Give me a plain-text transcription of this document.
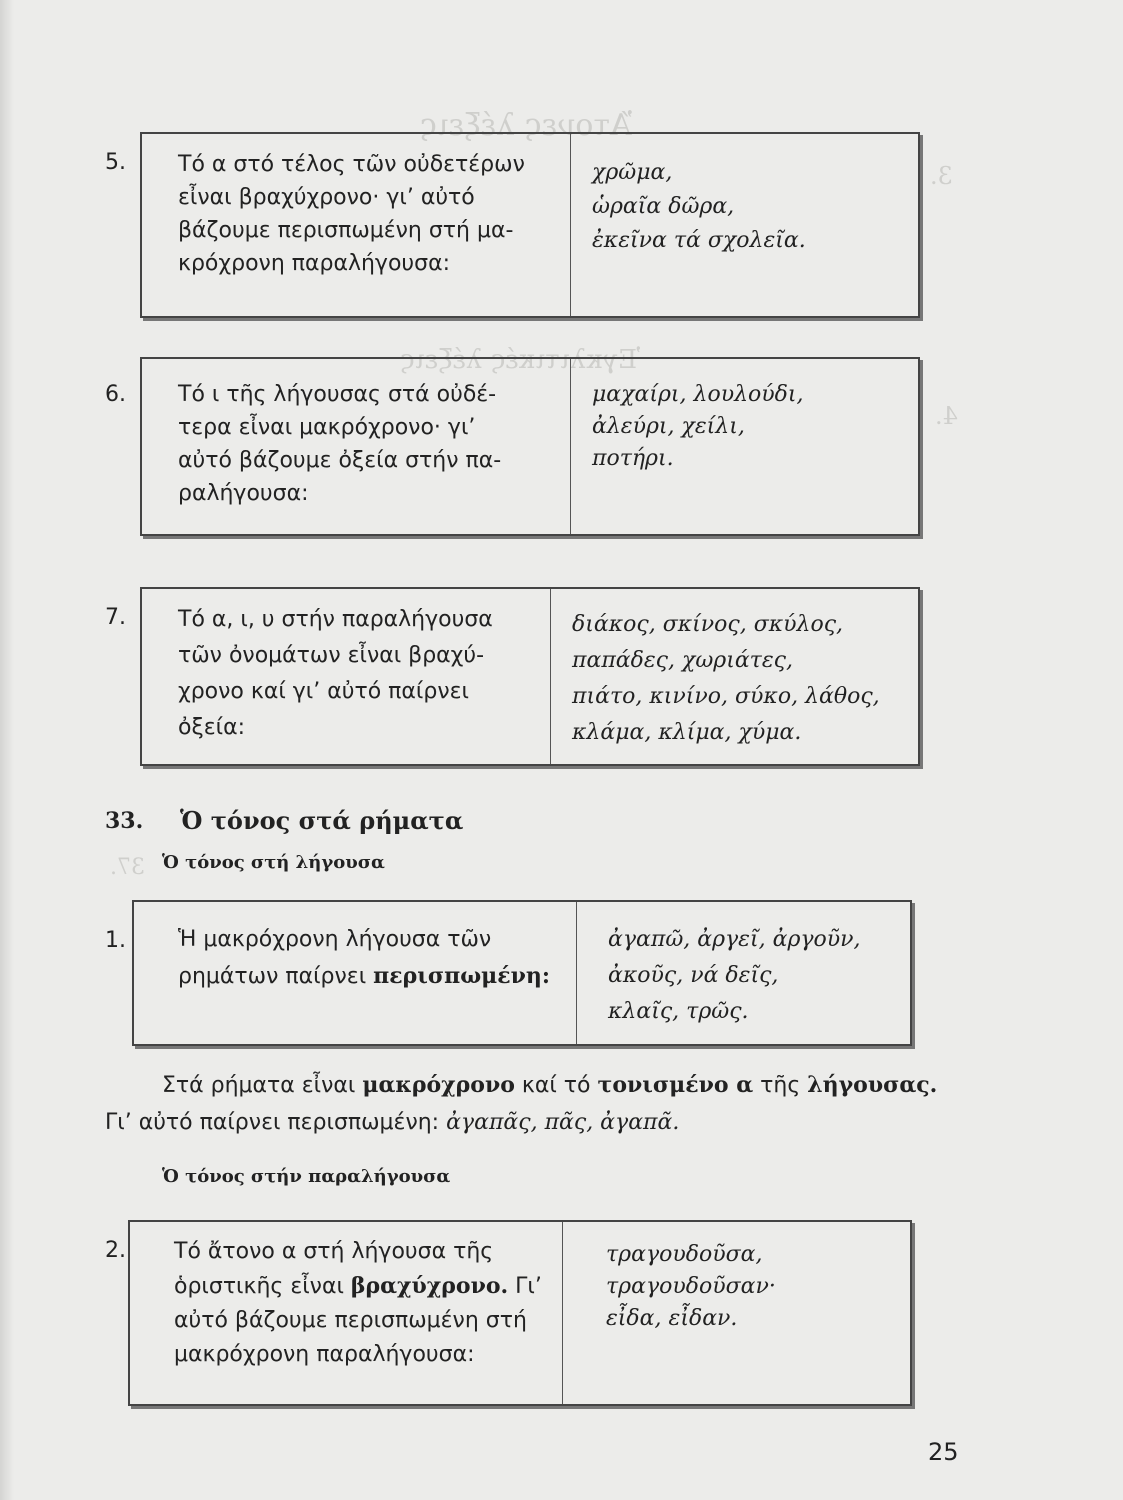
Ἄτονες λέξεις
3.
Ἐγκλιτικές λέξεις
4.
37.
5. Τό α στό τέλος τῶν οὐδετέρων

εἶναι βραχύχρονο· γι’ αὐτό

βάζουμε περισπωμένη στή μα-

κρόχρονη παραλήγουσα:

χρῶμα,

ὡραῖα δῶρα,

ἐκεῖνα τά σχολεῖα.

6. Τό ι τῆς λήγουσας στά οὐδέ-

τερα εἶναι μακρόχρονο· γι’

αὐτό βάζουμε ὀξεία στήν πα-

ραλήγουσα:

μαχαίρι, λουλούδι,

ἀλεύρι, χείλι,

ποτήρι.

7. Τό α, ι, υ στήν παραλήγουσα

τῶν ὀνομάτων εἶναι βραχύ-

χρονο καί γι’ αὐτό παίρνει

ὀξεία:

διάκος, σκίνος, σκύλος,

παπάδες, χωριάτες,

πιάτο, κινίνο, σύκο, λάθος,

κλάμα, κλίμα, χύμα.

33. Ὁ τόνος στά ρήματα
Ὁ τόνος στή λήγουσα
1. Ἡ μακρόχρονη λήγουσα τῶν

ρημάτων παίρνει περισπωμένη:

ἀγαπῶ, ἀργεῖ, ἀργοῦν,

ἀκοῦς, νά δεῖς,

κλαῖς, τρῶς.

Στά ρήματα εἶναι μακρόχρονο καί τό τονισμένο α τῆς λήγουσας.
Γι’ αὐτό παίρνει περισπωμένη: ἀγαπᾶς, πᾶς, ἀγαπᾶ.
Ὁ τόνος στήν παραλήγουσα
2. Τό ἄτονο α στή λήγουσα τῆς

ὁριστικῆς εἶναι βραχύχρονο. Γι’

αὐτό βάζουμε περισπωμένη στή

μακρόχρονη παραλήγουσα:

τραγουδοῦσα,

τραγουδοῦσαν·

εἶδα, εἶδαν.

25
